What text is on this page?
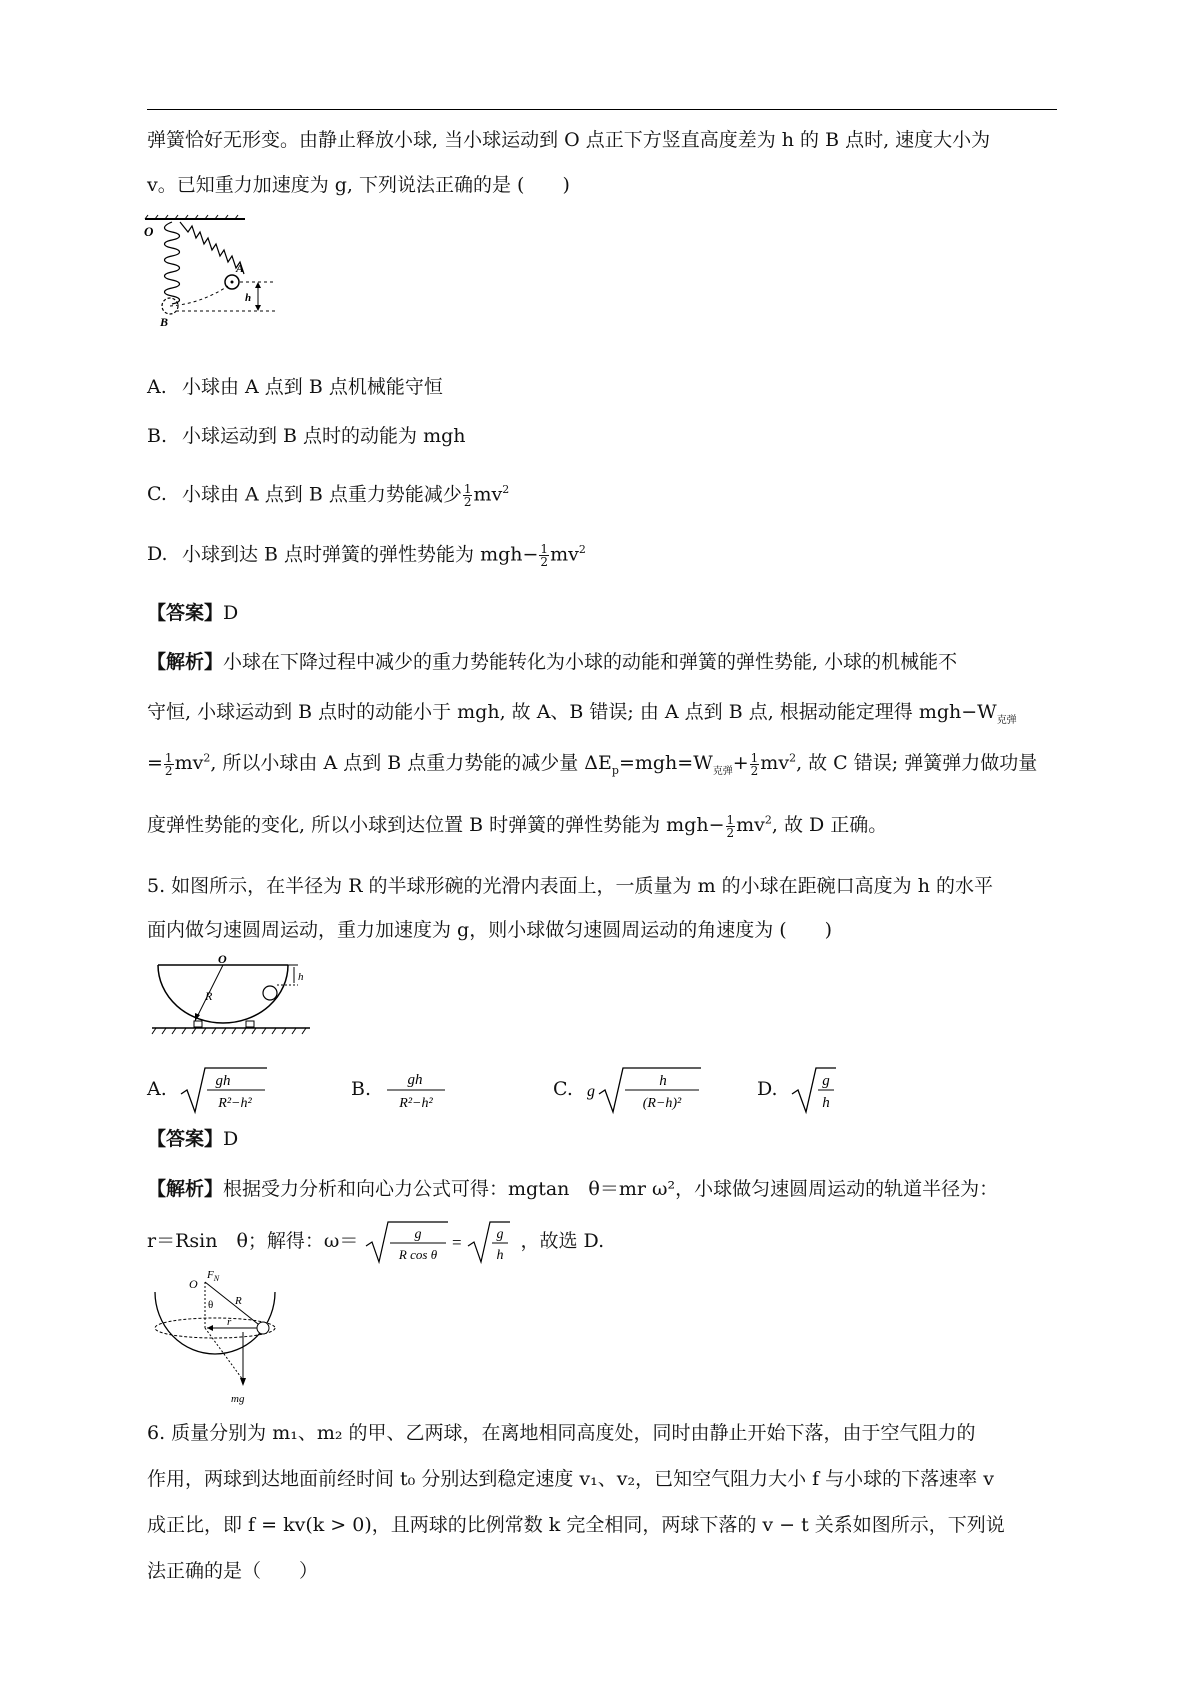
弹簧恰好无形变。由静止释放小球, 当小球运动到 O 点正下方竖直高度差为 h 的 B 点时, 速度大小为
v。已知重力加速度为 g, 下列说法正确的是 (　　)
O
A
h
B
A. 小球由 A 点到 B 点机械能守恒
B. 小球运动到 B 点时的动能为 mgh
C. 小球由 A 点到 B 点重力势能减少 $\frac{1}{2} mv^2$
D. 小球到达 B 点时弹簧的弹性势能为 $mgh- \frac{1}{2} mv^2$
【答案】D
【解析】小球在下降过程中减少的重力势能转化为小球的动能和弹簧的弹性势能, 小球的机械能不
守恒, 小球运动到 B 点时的动能小于 mgh, 故 A、B 错误; 由 A 点到 B 点, 根据动能定理得 $mgh-W_{克弹}$
= $\frac{1}{2} mv^2$, 所以小球由 A 点到 B 点重力势能的减少量 $\Delta E_p=mgh=W_{克弹}+ \frac{1}{2} mv^2$, 故 C 错误; 弹簧弹力做功量
度弹性势能的变化, 所以小球到达位置 B 时弹簧的弹性势能为 $mgh- \frac{1}{2} mv^2$, 故 D 正确。
5. 如图所示，在半径为 R 的半球形碗的光滑内表面上，一质量为 m 的小球在距碗口高度为 h 的水平
面内做匀速圆周运动，重力加速度为 g，则小球做匀速圆周运动的角速度为 (　　)
O
R
h
A.	gh
R²−h²
B. gh
R²−h²
C. g
h
(R−h)²
D.	g
h
【答案】D
【解析】根据受力分析和向心力公式可得：mgtan　θ＝mr ω²，小球做匀速圆周运动的轨道半径为：
r＝Rsin　θ；解得：ω＝	g
R cos θ
= g
h
，故选 D.
O
$F_N$
θ R
r
mg
6. 质量分别为 m₁、m₂ 的甲、乙两球，在离地相同高度处，同时由静止开始下落，由于空气阻力的
作用，两球到达地面前经时间 t₀ 分别达到稳定速度 v₁、v₂，已知空气阻力大小 f 与小球的下落速率 v
成正比，即 f = kv(k > 0)，且两球的比例常数 k 完全相同，两球下落的 v − t 关系如图所示，下列说
法正确的是（　　）
